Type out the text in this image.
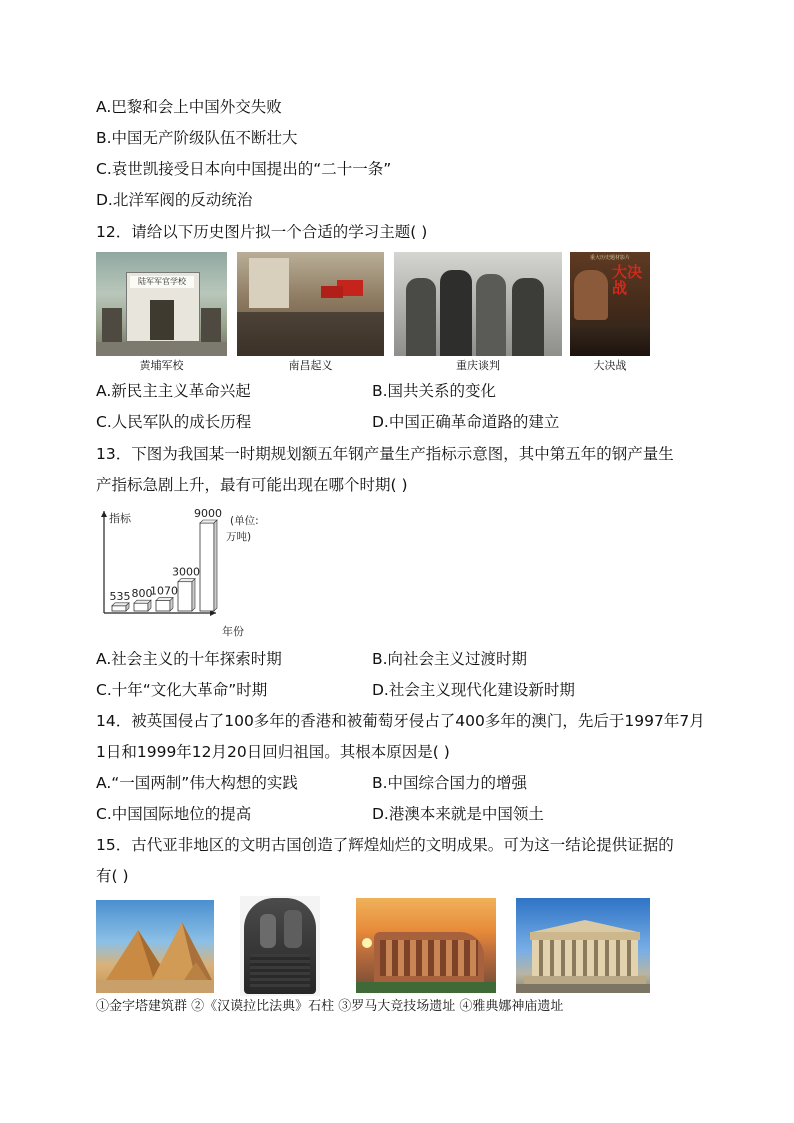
A.巴黎和会上中国外交失败
B.中国无产阶级队伍不断壮大
C.袁世凯接受日本向中国提出的“二十一条”
D.北洋军阀的反动统治
12．请给以下历史图片拟一个合适的学习主题( )
陆军军官学校
重大历史题材影片
大决战
黄埔军校	南昌起义	重庆谈判	大决战
A.新民主主义革命兴起	B.国共关系的变化
C.人民军队的成长历程	D.中国正确革命道路的建立
13．下图为我国某一时期规划额五年钢产量生产指标示意图，其中第五年的钢产量生
产指标急剧上升，最有可能出现在哪个时期( )
指标
年份
(单位:
万吨)
535 800
1070
3000
9000
A.社会主义的十年探索时期	B.向社会主义过渡时期
C.十年“文化大革命”时期	D.社会主义现代化建设新时期
14．被英国侵占了100多年的香港和被葡萄牙侵占了400多年的澳门，先后于1997年7月
1日和1999年12月20日回归祖国。其根本原因是( )
A.“一国两制”伟大构想的实践	B.中国综合国力的增强
C.中国国际地位的提高	D.港澳本来就是中国领土
15．古代亚非地区的文明古国创造了辉煌灿烂的文明成果。可为这一结论提供证据的
有( )
①金字塔建筑群 ②《汉谟拉比法典》石柱 ③罗马大竞技场遗址 ④雅典娜神庙遗址
